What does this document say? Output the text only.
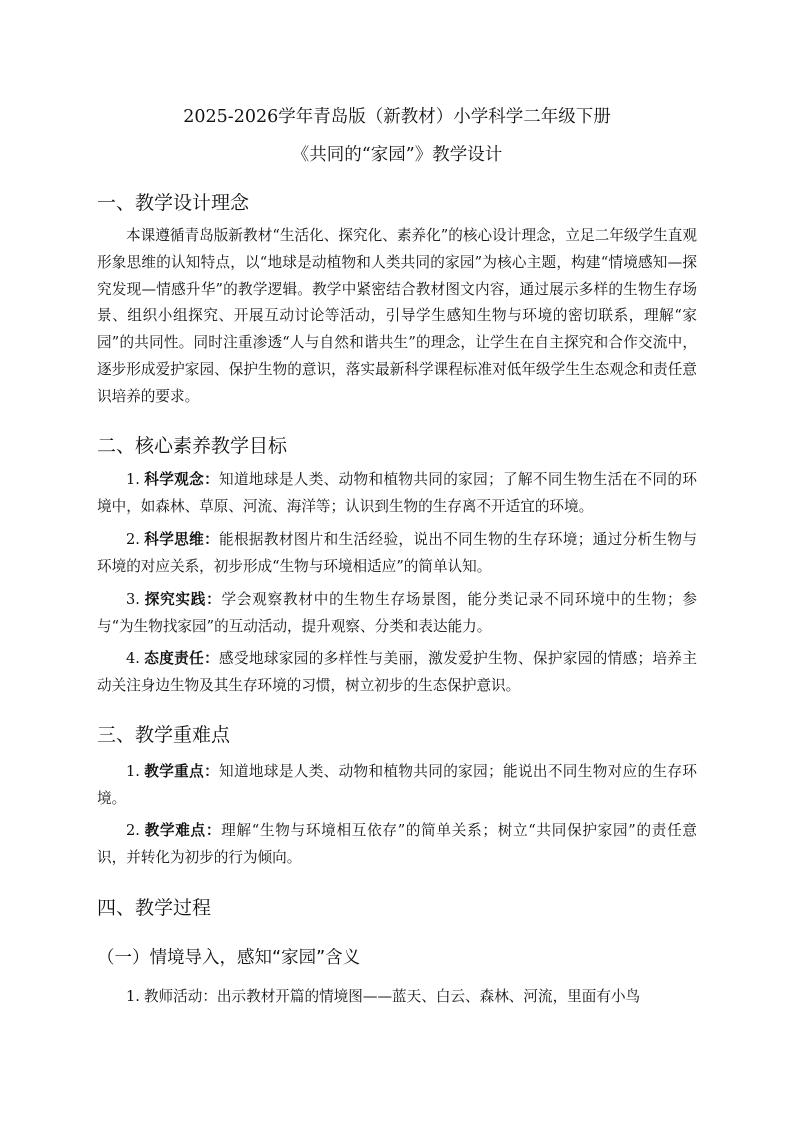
2025-2026学年青岛版（新教材）小学科学二年级下册
《共同的“家园”》教学设计
一、教学设计理念
本课遵循青岛版新教材“生活化、探究化、素养化”的核心设计理念，立足二年级学生直观形象思维的认知特点，以“地球是动植物和人类共同的家园”为核心主题，构建“情境感知—探究发现—情感升华”的教学逻辑。教学中紧密结合教材图文内容，通过展示多样的生物生存场景、组织小组探究、开展互动讨论等活动，引导学生感知生物与环境的密切联系，理解“家园”的共同性。同时注重渗透“人与自然和谐共生”的理念，让学生在自主探究和合作交流中，逐步形成爱护家园、保护生物的意识，落实最新科学课程标准对低年级学生生态观念和责任意识培养的要求。
二、核心素养教学目标
1. 科学观念：知道地球是人类、动物和植物共同的家园；了解不同生物生活在不同的环境中，如森林、草原、河流、海洋等；认识到生物的生存离不开适宜的环境。
2. 科学思维：能根据教材图片和生活经验，说出不同生物的生存环境；通过分析生物与环境的对应关系，初步形成“生物与环境相适应”的简单认知。
3. 探究实践：学会观察教材中的生物生存场景图，能分类记录不同环境中的生物；参与“为生物找家园”的互动活动，提升观察、分类和表达能力。
4. 态度责任：感受地球家园的多样性与美丽，激发爱护生物、保护家园的情感；培养主动关注身边生物及其生存环境的习惯，树立初步的生态保护意识。
三、教学重难点
1. 教学重点：知道地球是人类、动物和植物共同的家园；能说出不同生物对应的生存环境。
2. 教学难点：理解“生物与环境相互依存”的简单关系；树立“共同保护家园”的责任意识，并转化为初步的行为倾向。
四、教学过程
（一）情境导入，感知“家园”含义
1. 教师活动：出示教材开篇的情境图——蓝天、白云、森林、河流，里面有小鸟
